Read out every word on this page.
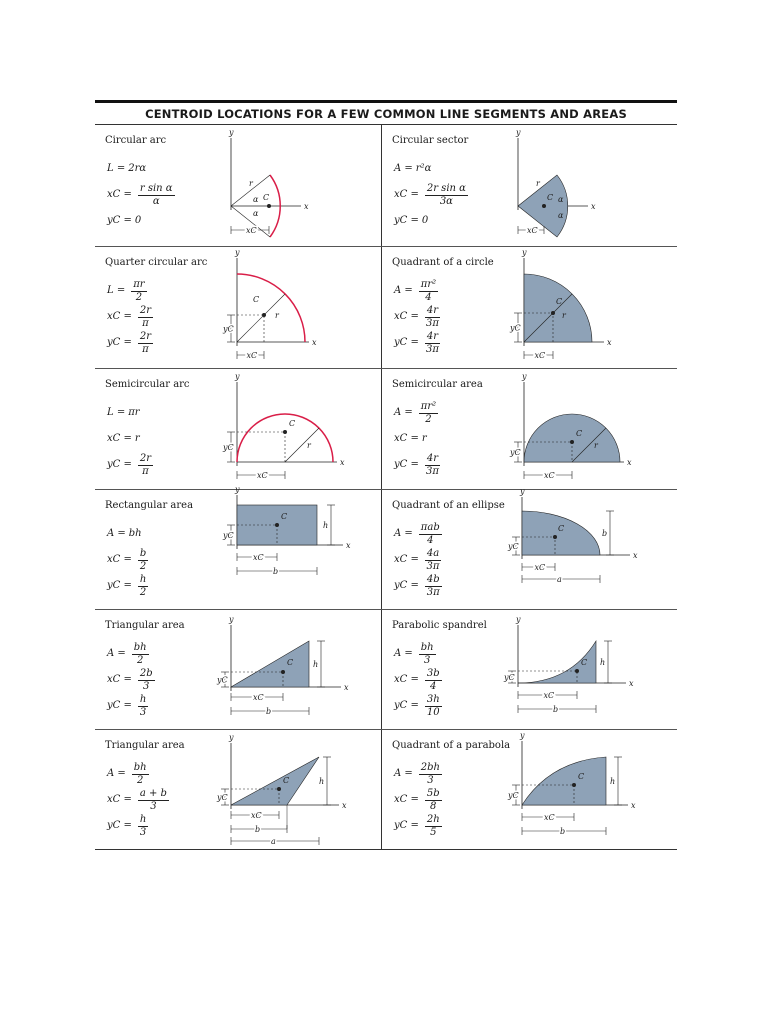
CENTROID LOCATIONS FOR A FEW COMMON LINE SEGMENTS AND AREAS
Circular arc
L = 2rα
xC = $\frac{\text{r sin α}}{\alpha}$
yC = 0
x
y
r
α
α
C
xC
Circular sector
A = r²α
xC = $\frac{\text{2r sin α}}{3\alpha}$
yC = 0
x
y
r
α
α
C
xC
Quarter circular arc
$L = \frac{\pi r}{2}$
xC = $\frac{2r}{\pi}$
yC = $\frac{2r}{\pi}$	x
y
r
C
yC
xC
Quadrant of a circle
$A = \frac{\text{πr²}}{4}$
xC = $\frac{4r}{3\pi}$
yC = $\frac{4r}{3\pi}$	x
y
r
C
yC
xC
Semicircular arc
L = πr
xC = r
yC = $\frac{2r}{\pi}$	x
y
r
C
yC
xC
Semicircular area
$A = \frac{\text{πr²}}{2}$
xC = r
yC = $\frac{4r}{3\pi}$	x
y
r
C
yC
xC
Rectangular area
A = bh
xC = $\frac{b}{2}$
yC = $\frac{h}{2}$
x
y
C
yC
h
xC
b
Quadrant of an ellipse
$A = \frac{\text{πab}}{4}$
xC = $\frac{4a}{3\pi}$
yC = $\frac{4b}{3\pi}$
x
y
C
yC
b
xC
a
Triangular area
$A = \frac{bh}{2}$
xC = $\frac{2b}{3}$
yC = $\frac{h}{3}$
x
y
C
yC
h
xC
b
Parabolic spandrel
$A = \frac{bh}{3}$
xC = $\frac{3b}{4}$
yC = $\frac{3h}{10}$
x
y
C
yC
h
xC
b
Triangular area
$A = \frac{bh}{2}$
xC = $\frac{a + b}{3}$
yC = $\frac{h}{3}$
x
y
C
yC
h
xC
b
a
Quadrant of a parabola
$A = \frac{2bh}{3}$
xC = $\frac{5b}{8}$
yC = $\frac{2h}{5}$
x
y
C
yC
h
xC
b
